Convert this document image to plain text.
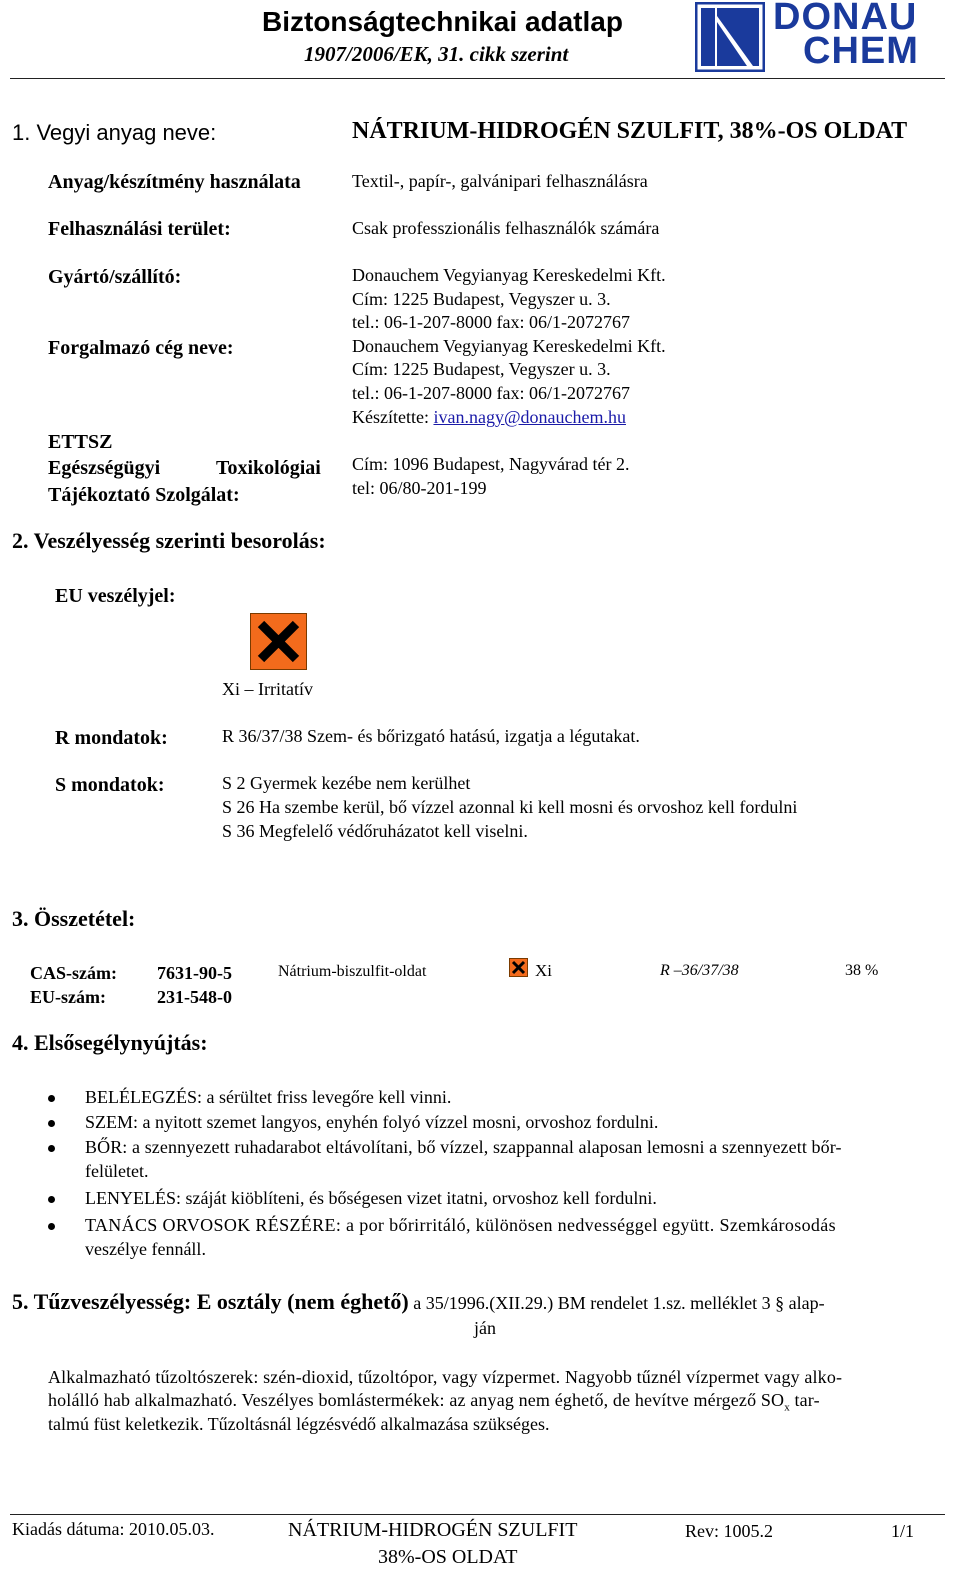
Biztonságtechnikai adatlap
1907/2006/EK, 31. cikk szerint
DONAU
CHEM
1. Vegyi anyag neve:	NÁTRIUM-HIDROGÉN SZULFIT, 38%-OS OLDAT
Anyag/készítmény használata	Textil-, papír-, galvánipari felhasználásra
Felhasználási terület:	Csak professzionális felhasználók számára
Gyártó/szállító:	Donauchem Vegyianyag Kereskedelmi Kft.
Cím: 1225 Budapest, Vegyszer u. 3.
tel.: 06-1-207-8000 fax: 06/1-2072767
Forgalmazó cég neve:	Donauchem Vegyianyag Kereskedelmi Kft.
Cím: 1225 Budapest, Vegyszer u. 3.
tel.: 06-1-207-8000 fax: 06/1-2072767
Készítette: ivan.nagy@donauchem.hu
ETTSZ
Egészségügyi	Toxikológiai
Tájékoztató Szolgálat:
Cím: 1096 Budapest, Nagyvárad tér 2.
tel: 06/80-201-199
2. Veszélyesség szerinti besorolás:
EU veszélyjel:
Xi – Irritatív
R mondatok:	R 36/37/38 Szem- és bőrizgató hatású, izgatja a légutakat.
S mondatok:	S 2 Gyermek kezébe nem kerülhet
S 26 Ha szembe kerül, bő vízzel azonnal ki kell mosni és orvoshoz kell fordulni
S 36 Megfelelő védőruházatot kell viselni.
3. Összetétel:
CAS-szám: 7631-90-5
EU-szám:	231-548-0
Nátrium-biszulfit-oldat	Xi	R –36/37/38	38 %
4. Elsősegélynyújtás:
BELÉLEGZÉS: a sérültet friss levegőre kell vinni.
SZEM: a nyitott szemet langyos, enyhén folyó vízzel mosni, orvoshoz fordulni.
BŐR: a szennyezett ruhadarabot eltávolítani, bő vízzel, szappannal alaposan lemosni a szennyezett bőr-
felületet.
LENYELÉS: száját kiöblíteni, és bőségesen vizet itatni, orvoshoz kell fordulni.
TANÁCS ORVOSOK RÉSZÉRE: a por bőrirritáló, különösen nedvességgel együtt. Szemkárosodás
veszélye fennáll.
5. Tűzveszélyesség: E osztály (nem éghető) a 35/1996.(XII.29.) BM rendelet 1.sz. melléklet 3 § alap-
ján
Alkalmazható tűzoltószerek: szén-dioxid, tűzoltópor, vagy vízpermet. Nagyobb tűznél vízpermet vagy alko-
holálló hab alkalmazható. Veszélyes bomlástermékek: az anyag nem éghető, de hevítve mérgező $SO_x$ tar-
talmú füst keletkezik. Tűzoltásnál légzésvédő alkalmazása szükséges.
Kiadás dátuma: 2010.05.03.	NÁTRIUM-HIDROGÉN SZULFIT
38%-OS OLDAT
Rev: 1005.2	1/1
